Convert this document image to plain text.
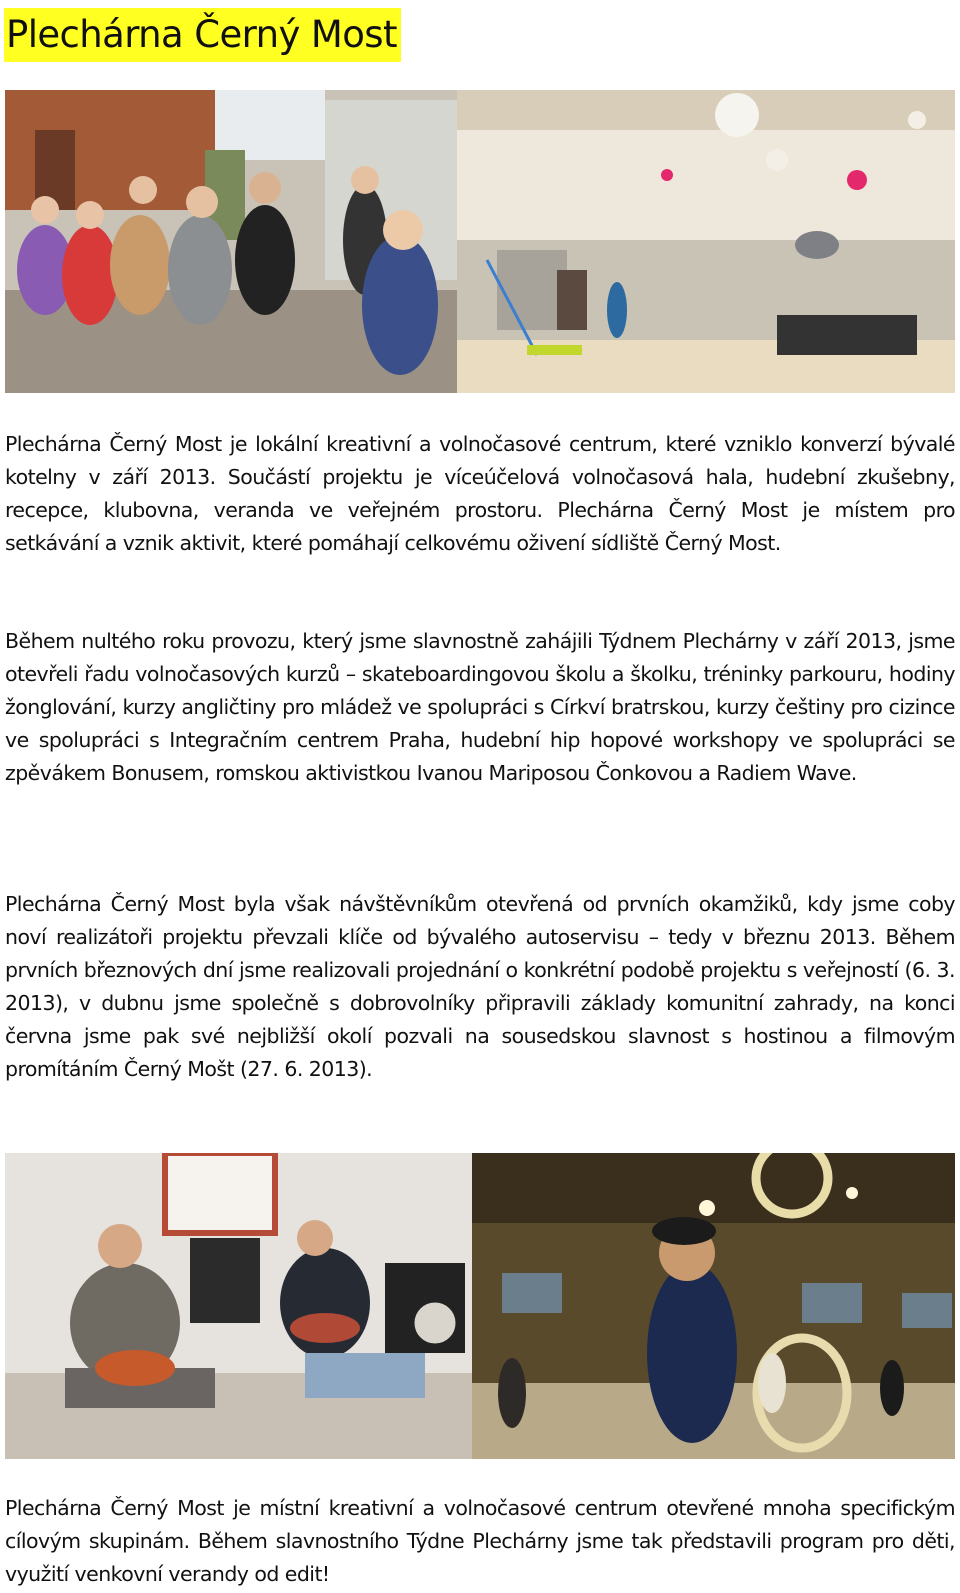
Plechárna Černý Most

Plechárna Černý Most je lokální kreativní a volnočasové centrum, které vzniklo konverzí bývalé kotelny v září 2013. Součástí projektu je víceúčelová volnočasová hala, hudební zkušebny, recepce, klubovna, veranda ve veřejném prostoru. Plechárna Černý Most je místem pro setkávání a vznik aktivit, které pomáhají celkovému oživení sídliště Černý Most.

Během nultého roku provozu, který jsme slavnostně zahájili Týdnem Plechárny v září 2013, jsme otevřeli řadu volnočasových kurzů – skateboardingovou školu a školku, tréninky parkouru, hodiny žonglování, kurzy angličtiny pro mládež ve spolupráci s Církví bratrskou, kurzy češtiny pro cizince ve spolupráci s Integračním centrem Praha, hudební hip hopové workshopy ve spolupráci se zpěvákem Bonusem, romskou aktivistkou Ivanou Mariposou Čonkovou a Radiem Wave.

Plechárna Černý Most byla však návštěvníkům otevřená od prvních okamžiků, kdy jsme coby noví realizátoři projektu převzali klíče od bývalého autoservisu – tedy v březnu 2013. Během prvních březnových dní jsme realizovali projednání o konkrétní podobě projektu s veřejností (6. 3. 2013), v dubnu jsme společně s dobrovolníky připravili základy komunitní zahrady, na konci června jsme pak své nejbližší okolí pozvali na sousedskou slavnost s hostinou a filmovým promítáním Černý Mošt (27. 6. 2013).

Plechárna Černý Most je místní kreativní a volnočasové centrum otevřené mnoha specifickým cílovým skupinám. Během slavnostního Týdne Plechárny jsme tak představili program pro děti, využití venkovní verandy od edit!
